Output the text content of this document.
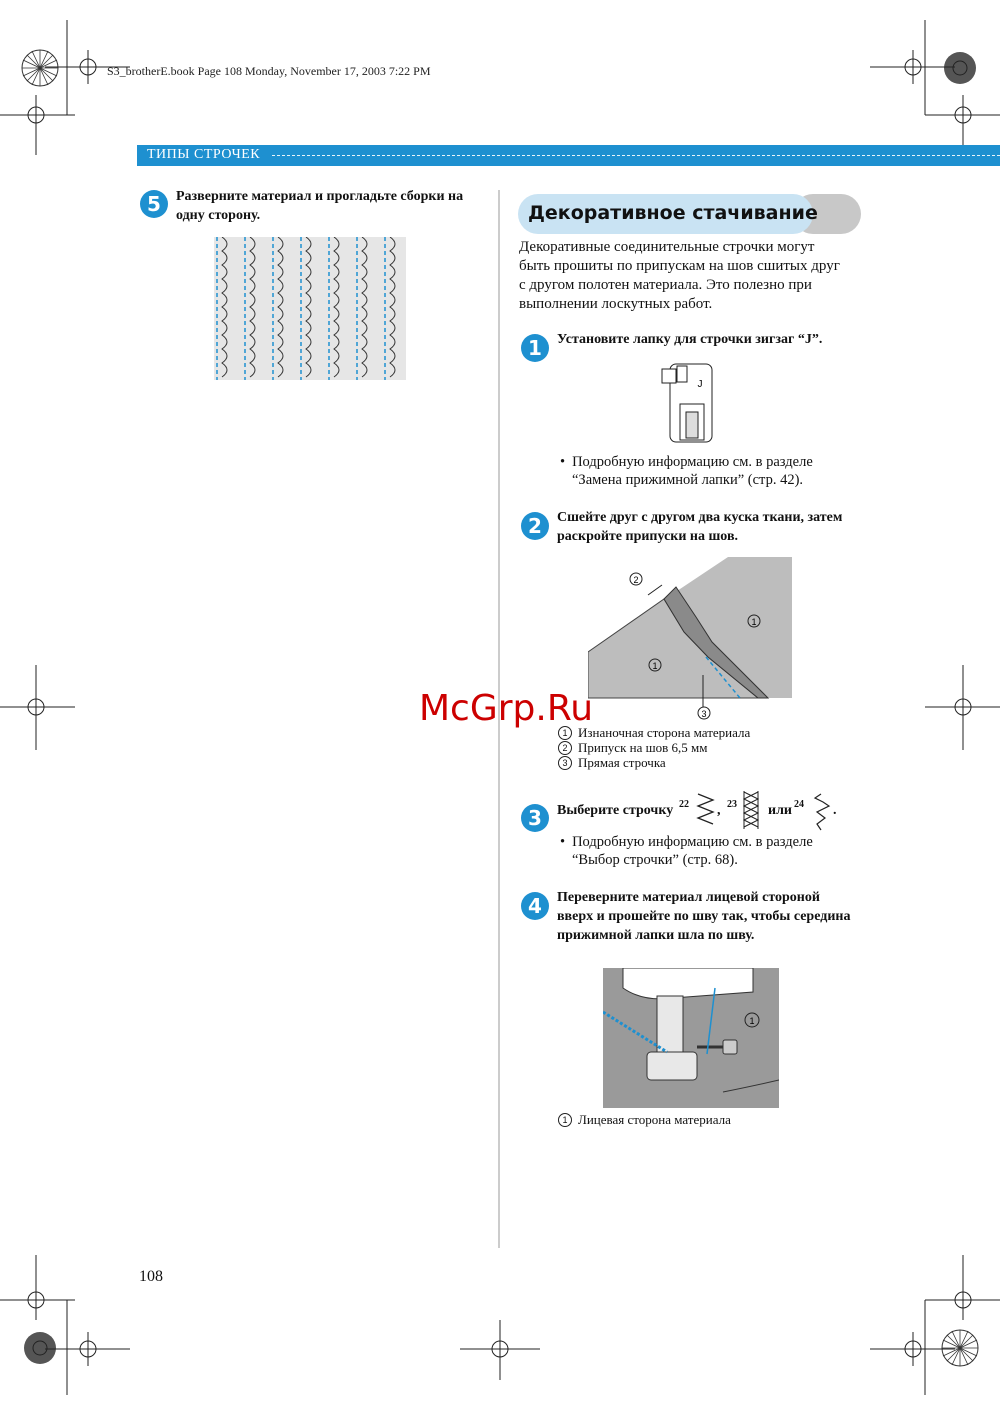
S3_brotherE.book Page 108 Monday, November 17, 2003 7:22 PM
ТИПЫ СТРОЧЕК
5	Разверните материал и прогладьте сборки на
одну сторону.	Декоративное стачивание
Декоративные соединительные строчки могут
быть прошиты по припускам на шов сшитых друг
с другом полотен материала. Это полезно при
выполнении лоскутных работ.
1	Установите лапку для строчки зигзаг “J”.
J
• Подробную информацию см. в разделе
“Замена прижимной лапки” (стр. 42).
2	Сшейте друг с другом два куска ткани, затем
раскройте припуски на шов.
2
1
1
3
1 Изнаночная сторона материала
2 Припуск на шов 6,5 мм
3 Прямая строчка
3	Выберите строчку 22 , 23 или 24 .
• Подробную информацию см. в разделе
“Выбор строчки” (стр. 68).
4	Переверните материал лицевой стороной
вверх и прошейте по шву так, чтобы середина
прижимной лапки шла по шву.
1
1 Лицевая сторона материала
McGrp.Ru
108
